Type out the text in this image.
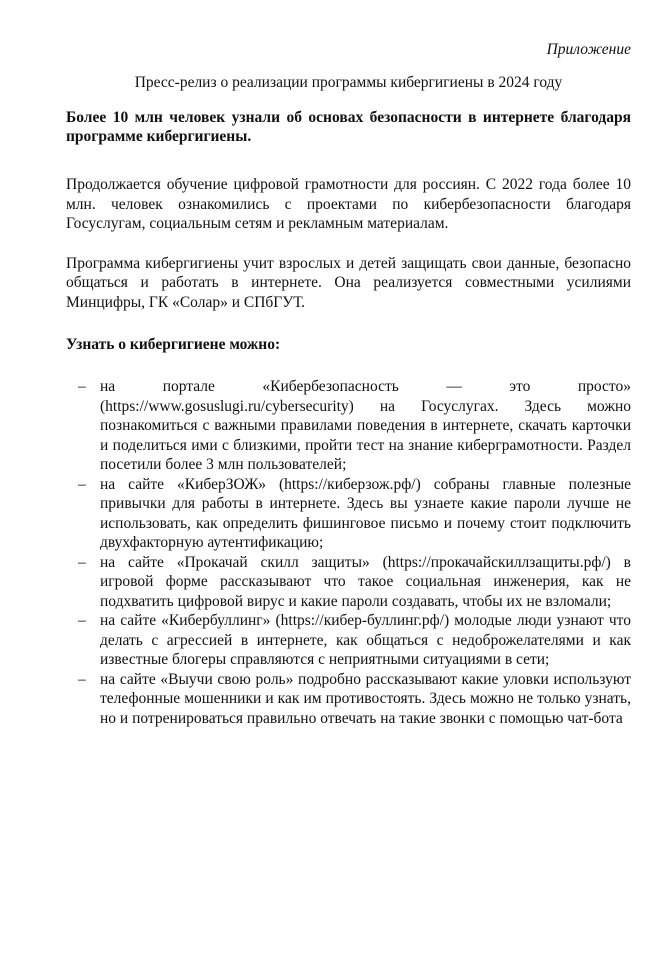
Приложение

Пресс-релиз о реализации программы кибергигиены в 2024 году

Более 10 млн человек узнали об основах безопасности в интернете благодаря программе кибергигиены.

Продолжается обучение цифровой грамотности для россиян. С 2022 года более 10 млн. человек ознакомились с проектами по кибербезопасности благодаря Госуслугам, социальным сетям и рекламным материалам.

Программа кибергигиены учит взрослых и детей защищать свои данные, безопасно общаться и работать в интернете. Она реализуется совместными усилиями Минцифры, ГК «Солар» и СПбГУТ.

Узнать о кибергигиене можно:

– на портале «Кибербезопасность — это просто» (https://www.gosuslugi.ru/cybersecurity) на Госуслугах. Здесь можно познакомиться с важными правилами поведения в интернете, скачать карточки и поделиться ими с близкими, пройти тест на знание киберграмотности. Раздел посетили более 3 млн пользователей;
– на сайте «КиберЗОЖ» (https://киберзож.рф/) собраны главные полезные привычки для работы в интернете. Здесь вы узнаете какие пароли лучше не использовать, как определить фишинговое письмо и почему стоит подключить двухфакторную аутентификацию;
– на сайте «Прокачай скилл защиты» (https://прокачайскиллзащиты.рф/) в игровой форме рассказывают что такое социальная инженерия, как не подхватить цифровой вирус и какие пароли создавать, чтобы их не взломали;
– на сайте «Кибербуллинг» (https://кибер-буллинг.рф/) молодые люди узнают что делать с агрессией в интернете, как общаться с недоброжелателями и как известные блогеры справляются с неприятными ситуациями в сети;
– на сайте «Выучи свою роль» подробно рассказывают какие уловки используют телефонные мошенники и как им противостоять. Здесь можно не только узнать, но и потренироваться правильно отвечать на такие звонки с помощью чат-бота
